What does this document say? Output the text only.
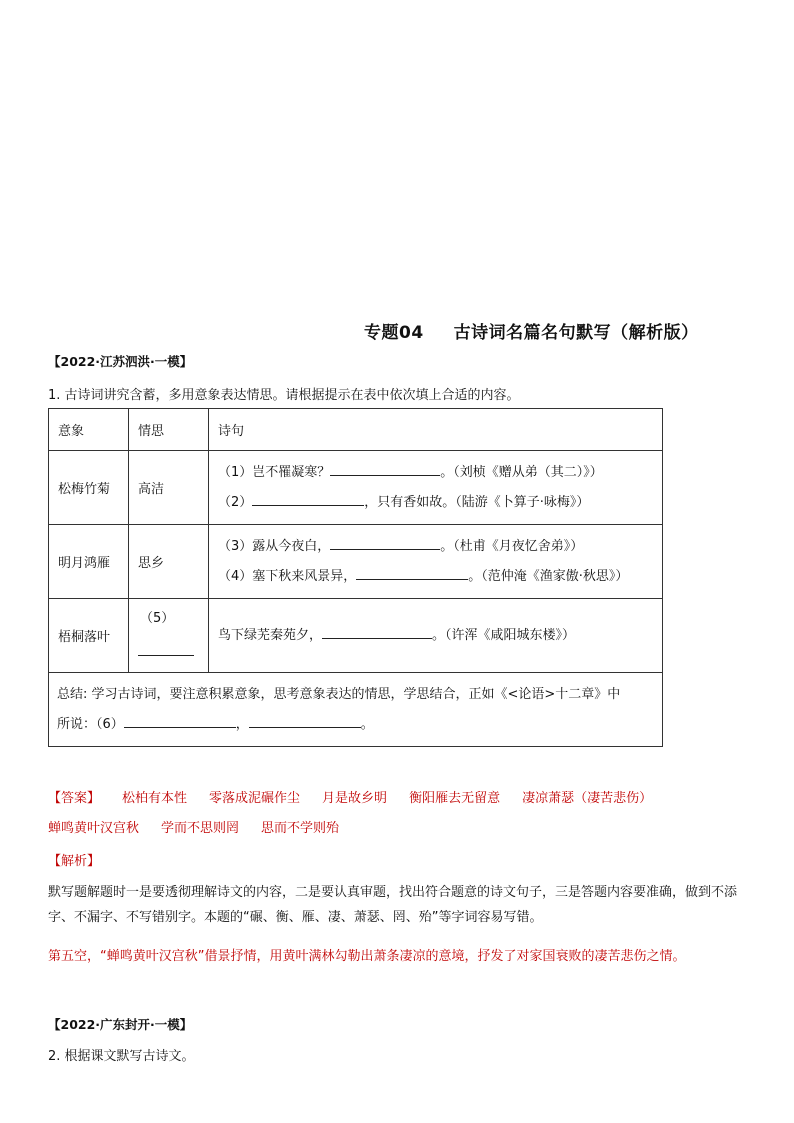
专题04 古诗词名篇名句默写（解析版）
【2022·江苏泗洪·一模】
1. 古诗词讲究含蓄，多用意象表达情思。请根据提示在表中依次填上合适的内容。
意象	情思	诗句
松梅竹菊	高洁	（1）岂不罹凝寒？ 。（刘桢《赠从弟（其二）》）
（2） ，只有香如故。（陆游《卜算子·咏梅》）

明月鸿雁	思乡	（3）露从今夜白， 。（杜甫《月夜忆舍弟》）
（4）塞下秋来风景异， 。（范仲淹《渔家傲·秋思》）

梧桐落叶	（5）	鸟下绿芜秦苑夕， 。（许浑《咸阳城东楼》）

总结: 学习古诗词，要注意积累意象，思考意象表达的情思，学思结合，正如《<论语>十二章》中
所说：（6） ， 。		
【答案】 松柏有本性 零落成泥碾作尘 月是故乡明 衡阳雁去无留意 凄凉萧瑟（凄苦悲伤）蝉鸣黄叶汉宫秋 学而不思则罔 思而不学则殆
【解析】
默写题解题时一是要透彻理解诗文的内容，二是要认真审题，找出符合题意的诗文句子，三是答题内容要准确，做到不添字、不漏字、不写错别字。本题的“碾、衡、雁、凄、萧瑟、罔、殆”等字词容易写错。
第五空，“蝉鸣黄叶汉宫秋”借景抒情，用黄叶满林勾勒出萧条凄凉的意境，抒发了对家国衰败的凄苦悲伤之情。
【2022·广东封开·一模】
2. 根据课文默写古诗文。
